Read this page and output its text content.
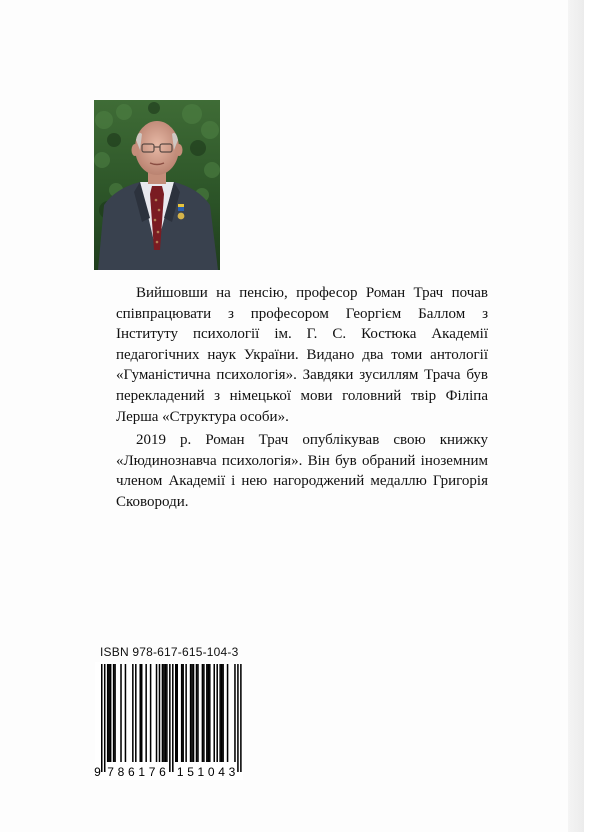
Вийшовши на пенсію, професор Роман Трач почав співпрацювати з професором Георгієм Баллом з Інституту психології ім. Г. С. Костюка Академії педагогічних наук України. Видано два томи антології «Гуманістична психологія». Завдяки зусиллям Трача був перекладений з німецької мови головний твір Філіпа Лерша «Структура особи».

2019 р. Роман Трач опублікував свою книжку «Людинознавча психологія». Він був обраний іноземним членом Академії і нею нагороджений медаллю Григорія Сковороди.

ISBN 978-617-615-104-3
9 7 8 6 1 7 6 1 5 1 0 4 3
